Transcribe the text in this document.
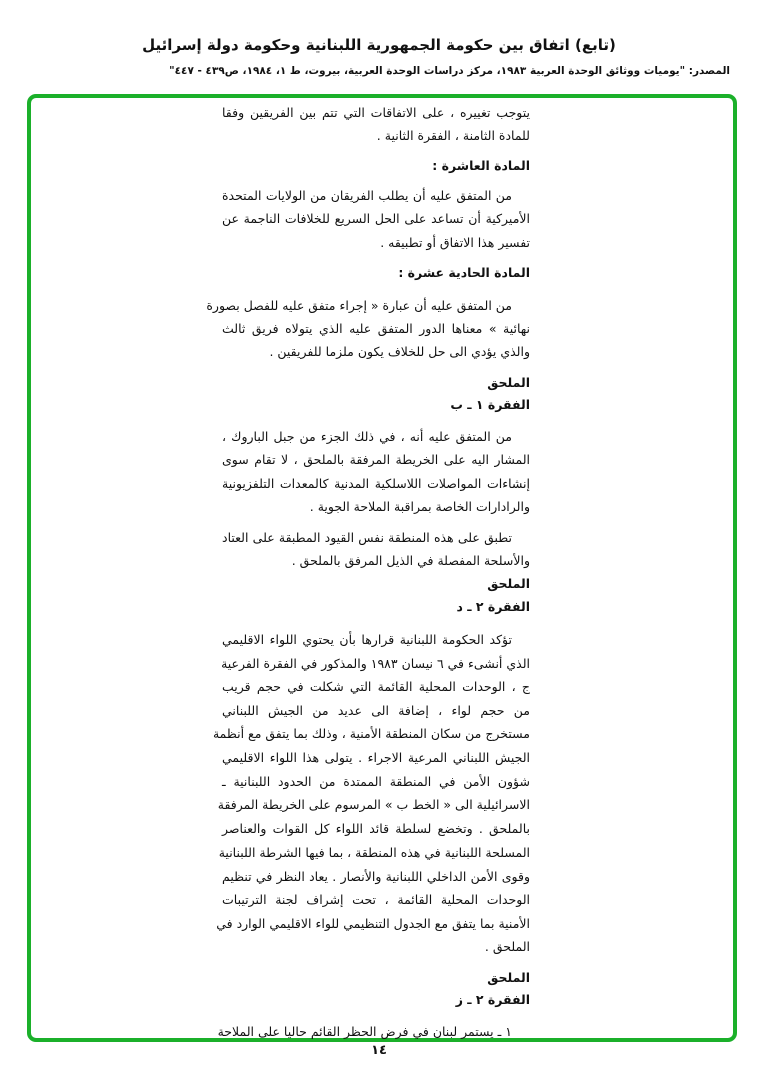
(تابع) اتفاق بين حكومة الجمهورية اللبنانية وحكومة دولة إسرائيل
المصدر: "يوميات ووثائق الوحدة العربية ١٩٨٣، مركز دراسات الوحدة العربية، بيروت، ط ١، ١٩٨٤، ص٤٣٩ - ٤٤٧"
يتوجب تغييره ، على الاتفاقات التي تتم بين الفريقين وفقا
للمادة الثامنة ، الفقرة الثانية .
المادة العاشرة :
من المتفق عليه أن يطلب الفريقان من الولايات المتحدة
الأميركية أن تساعد على الحل السريع للخلافات الناجمة عن
تفسير هذا الاتفاق أو تطبيقه .
المادة الحادية عشرة :
من المتفق عليه أن عبارة « إجراء متفق عليه للفصل بصورة
نهائية » معناها الدور المتفق عليه الذي يتولاه فريق ثالث
والذي يؤدي الى حل للخلاف يكون ملزما للفريقين .
الملحق
الفقرة ١ ـ ب
من المتفق عليه أنه ، في ذلك الجزء من جبل الباروك ،
المشار اليه على الخريطة المرفقة بالملحق ، لا تقام سوى
إنشاءات المواصلات اللاسلكية المدنية كالمعدات التلفزيونية
والرادارات الخاصة بمراقبة الملاحة الجوية .
تطبق على هذه المنطقة نفس القيود المطبقة على العتاد
والأسلحة المفصلة في الذيل المرفق بالملحق .
الملحق
الفقرة ٢ ـ د
تؤكد الحكومة اللبنانية قرارها بأن يحتوي اللواء الاقليمي
الذي أنشىء في ٦ نيسان ١٩٨٣ والمذكور في الفقرة الفرعية
ج ، الوحدات المحلية القائمة التي شكلت في حجم قريب
من حجم لواء ، إضافة الى عديد من الجيش اللبناني
مستخرج من سكان المنطقة الأمنية ، وذلك بما يتفق مع أنظمة
الجيش اللبناني المرعية الاجراء . يتولى هذا اللواء الاقليمي
شؤون الأمن في المنطقة الممتدة من الحدود اللبنانية ـ
الاسرائيلية الى « الخط ب » المرسوم على الخريطة المرفقة
بالملحق . وتخضع لسلطة قائد اللواء كل القوات والعناصر
المسلحة اللبنانية في هذه المنطقة ، بما فيها الشرطة اللبنانية
وقوى الأمن الداخلي اللبنانية والأنصار . يعاد النظر في تنظيم
الوحدات المحلية القائمة ، تحت إشراف لجنة الترتيبات
الأمنية بما يتفق مع الجدول التنظيمي للواء الاقليمي الوارد في
الملحق .
الملحق
الفقرة ٢ ـ ز
١ ـ يستمر لبنان في فرض الحظر القائم حاليا على الملاحة
١٤
